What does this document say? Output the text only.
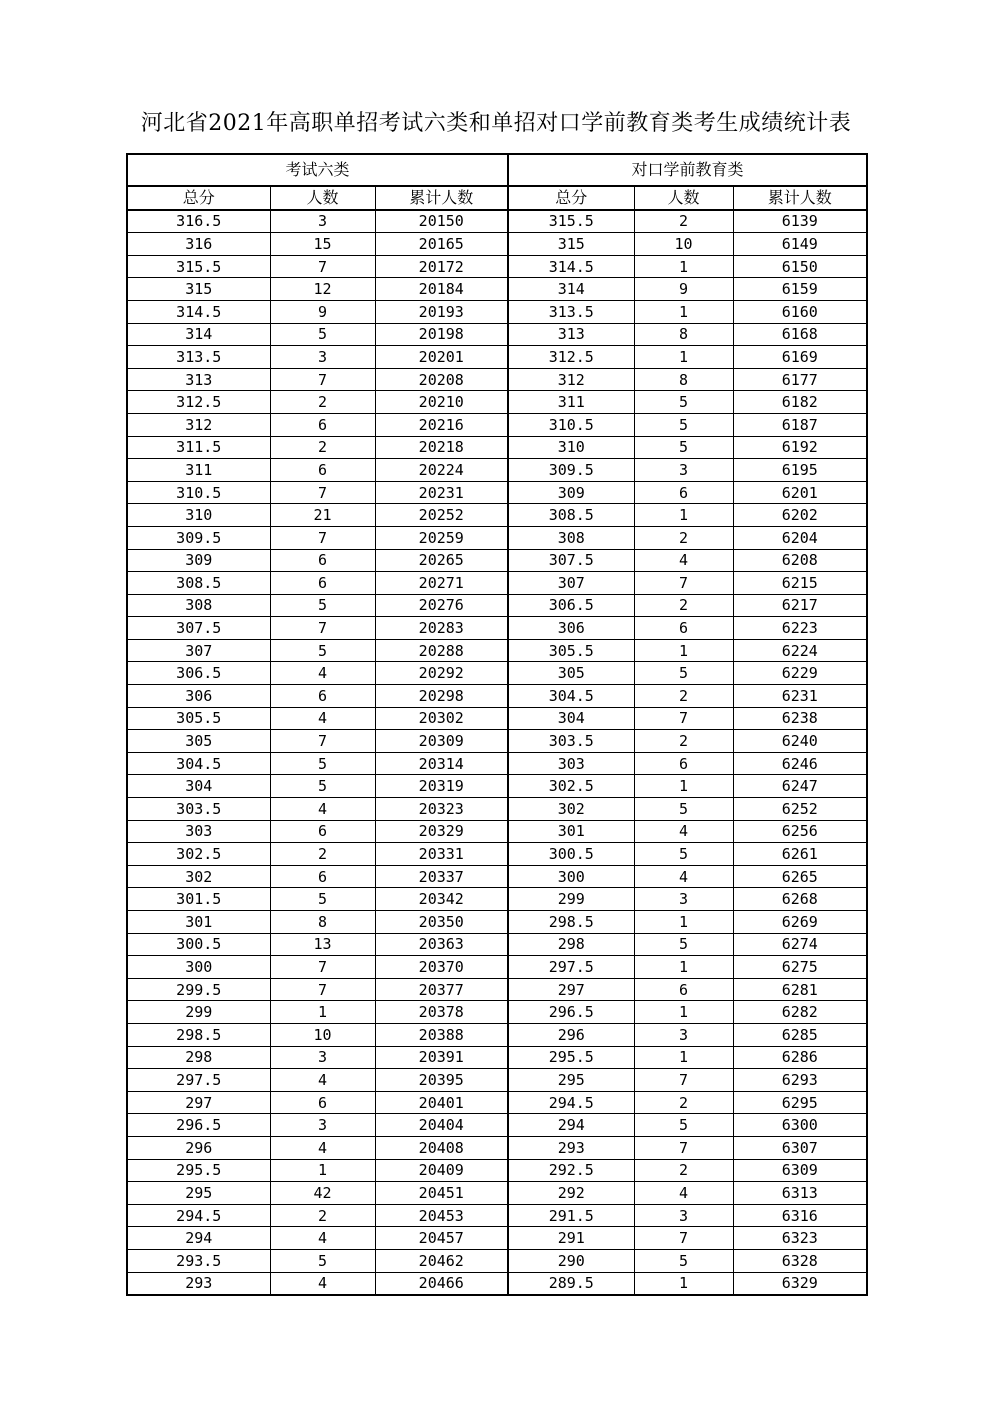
河北省2021年高职单招考试六类和单招对口学前教育类考生成绩统计表
考试六类			对口学前教育类		
总分	人数	累计人数	总分	人数	累计人数
316.5	3	20150	315.5	2	6139
316	15	20165	315	10	6149
315.5	7	20172	314.5	1	6150
315	12	20184	314	9	6159
314.5	9	20193	313.5	1	6160
314	5	20198	313	8	6168
313.5	3	20201	312.5	1	6169
313	7	20208	312	8	6177
312.5	2	20210	311	5	6182
312	6	20216	310.5	5	6187
311.5	2	20218	310	5	6192
311	6	20224	309.5	3	6195
310.5	7	20231	309	6	6201
310	21	20252	308.5	1	6202
309.5	7	20259	308	2	6204
309	6	20265	307.5	4	6208
308.5	6	20271	307	7	6215
308	5	20276	306.5	2	6217
307.5	7	20283	306	6	6223
307	5	20288	305.5	1	6224
306.5	4	20292	305	5	6229
306	6	20298	304.5	2	6231
305.5	4	20302	304	7	6238
305	7	20309	303.5	2	6240
304.5	5	20314	303	6	6246
304	5	20319	302.5	1	6247
303.5	4	20323	302	5	6252
303	6	20329	301	4	6256
302.5	2	20331	300.5	5	6261
302	6	20337	300	4	6265
301.5	5	20342	299	3	6268
301	8	20350	298.5	1	6269
300.5	13	20363	298	5	6274
300	7	20370	297.5	1	6275
299.5	7	20377	297	6	6281
299	1	20378	296.5	1	6282
298.5	10	20388	296	3	6285
298	3	20391	295.5	1	6286
297.5	4	20395	295	7	6293
297	6	20401	294.5	2	6295
296.5	3	20404	294	5	6300
296	4	20408	293	7	6307
295.5	1	20409	292.5	2	6309
295	42	20451	292	4	6313
294.5	2	20453	291.5	3	6316
294	4	20457	291	7	6323
293.5	5	20462	290	5	6328
293	4	20466	289.5	1	6329
